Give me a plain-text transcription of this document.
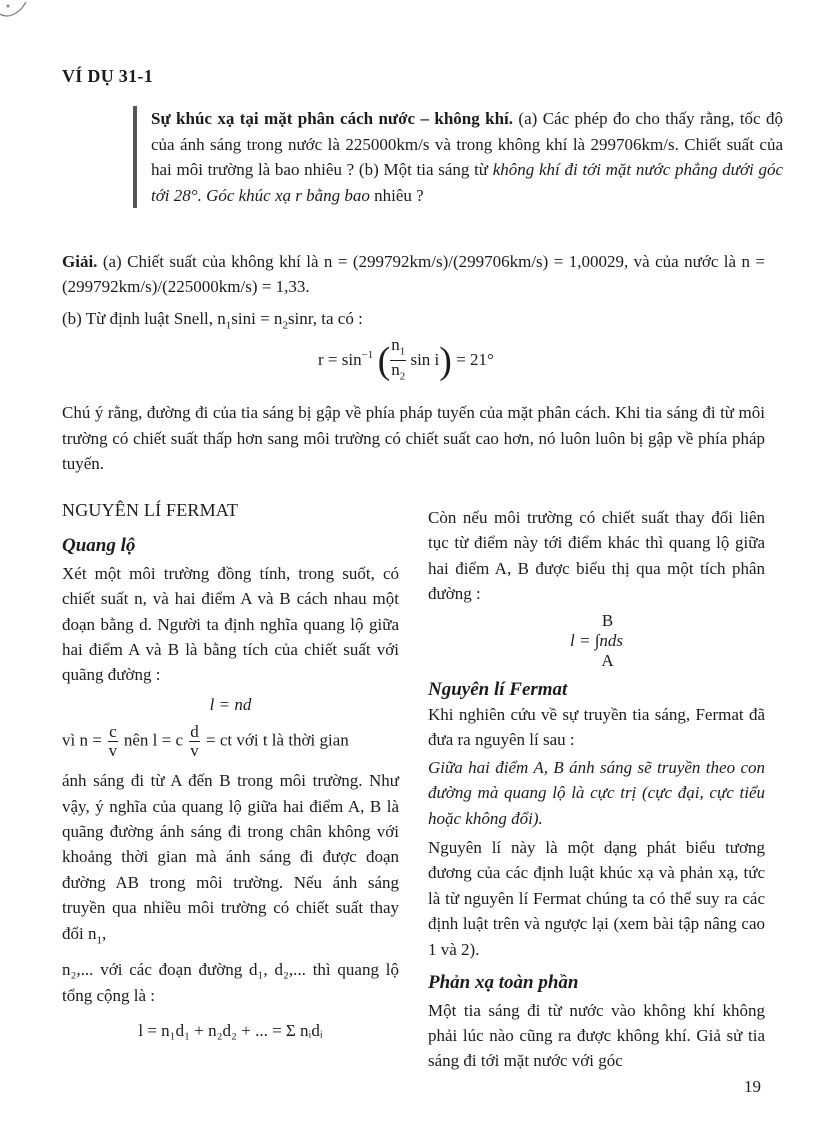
VÍ DỤ 31-1

Sự khúc xạ tại mặt phân cách nước – không khí. (a) Các phép đo cho thấy rằng, tốc độ của ánh sáng trong nước là 225000km/s và trong không khí là 299706km/s. Chiết suất của hai môi trường là bao nhiêu ? (b) Một tia sáng từ không khí đi tới mặt nước phẳng dưới góc tới 28°. Góc khúc xạ r bằng bao nhiêu ?

Giải. (a) Chiết suất của không khí là n = (299792km/s)/(299706km/s) = 1,00029, và của nước là n = (299792km/s)/(225000km/s) = 1,33.

(b) Từ định luật Snell, $n_1\sin i = n_2\sin r$, ta có :
$r = \sin^{-1}$ ( $\frac{n_1}{n_2}$ sin i) = 21°
Chú ý rằng, đường đi của tia sáng bị gập về phía pháp tuyến của mặt phân cách. Khi tia sáng đi từ môi trường có chiết suất thấp hơn sang môi trường có chiết suất cao hơn, nó luôn luôn bị gập về phía pháp tuyến.
NGUYÊN LÍ FERMAT
Quang lộ

Xét một môi trường đồng tính, trong suốt, có chiết suất n, và hai điểm A và B cách nhau một đoạn bằng d. Người ta định nghĩa quang lộ giữa hai điểm A và B là bằng tích của chiết suất với quãng đường :

l = nd
vì $n = \frac{c}{v}$ nên l = c $\frac{d}{v}$ = ct với t là thời gian

ánh sáng đi từ A đến B trong môi trường. Như vậy, ý nghĩa của quang lộ giữa hai điểm A, B là quãng đường ánh sáng đi trong chân không với khoảng thời gian mà ánh sáng đi được đoạn đường AB trong môi trường. Nếu ánh sáng truyền qua nhiều môi trường có chiết suất thay đổi $n_1$,

n₂,... với các đoạn đường d₁, d₂,... thì quang lộ tổng cộng là :

l = n₁d₁ + n₂d₂ + ... = Σ nᵢdᵢ

Còn nếu môi trường có chiết suất thay đổi liên tục từ điểm này tới điểm khác thì quang lộ giữa hai điểm A, B được biểu thị qua một tích phân đường :

B
l = ∫nds
A
Nguyên lí Fermat

Khi nghiên cứu về sự truyền tia sáng, Fermat đã đưa ra nguyên lí sau :

Giữa hai điểm A, B ánh sáng sẽ truyền theo con đường mà quang lộ là cực trị (cực đại, cực tiểu hoặc không đổi).

Nguyên lí này là một dạng phát biểu tương đương của các định luật khúc xạ và phản xạ, tức là từ nguyên lí Fermat chúng ta có thể suy ra các định luật trên và ngược lại (xem bài tập nâng cao 1 và 2).

Phản xạ toàn phần

Một tia sáng đi từ nước vào không khí không phải lúc nào cũng ra được không khí. Giả sử tia sáng đi tới mặt nước với góc

19
